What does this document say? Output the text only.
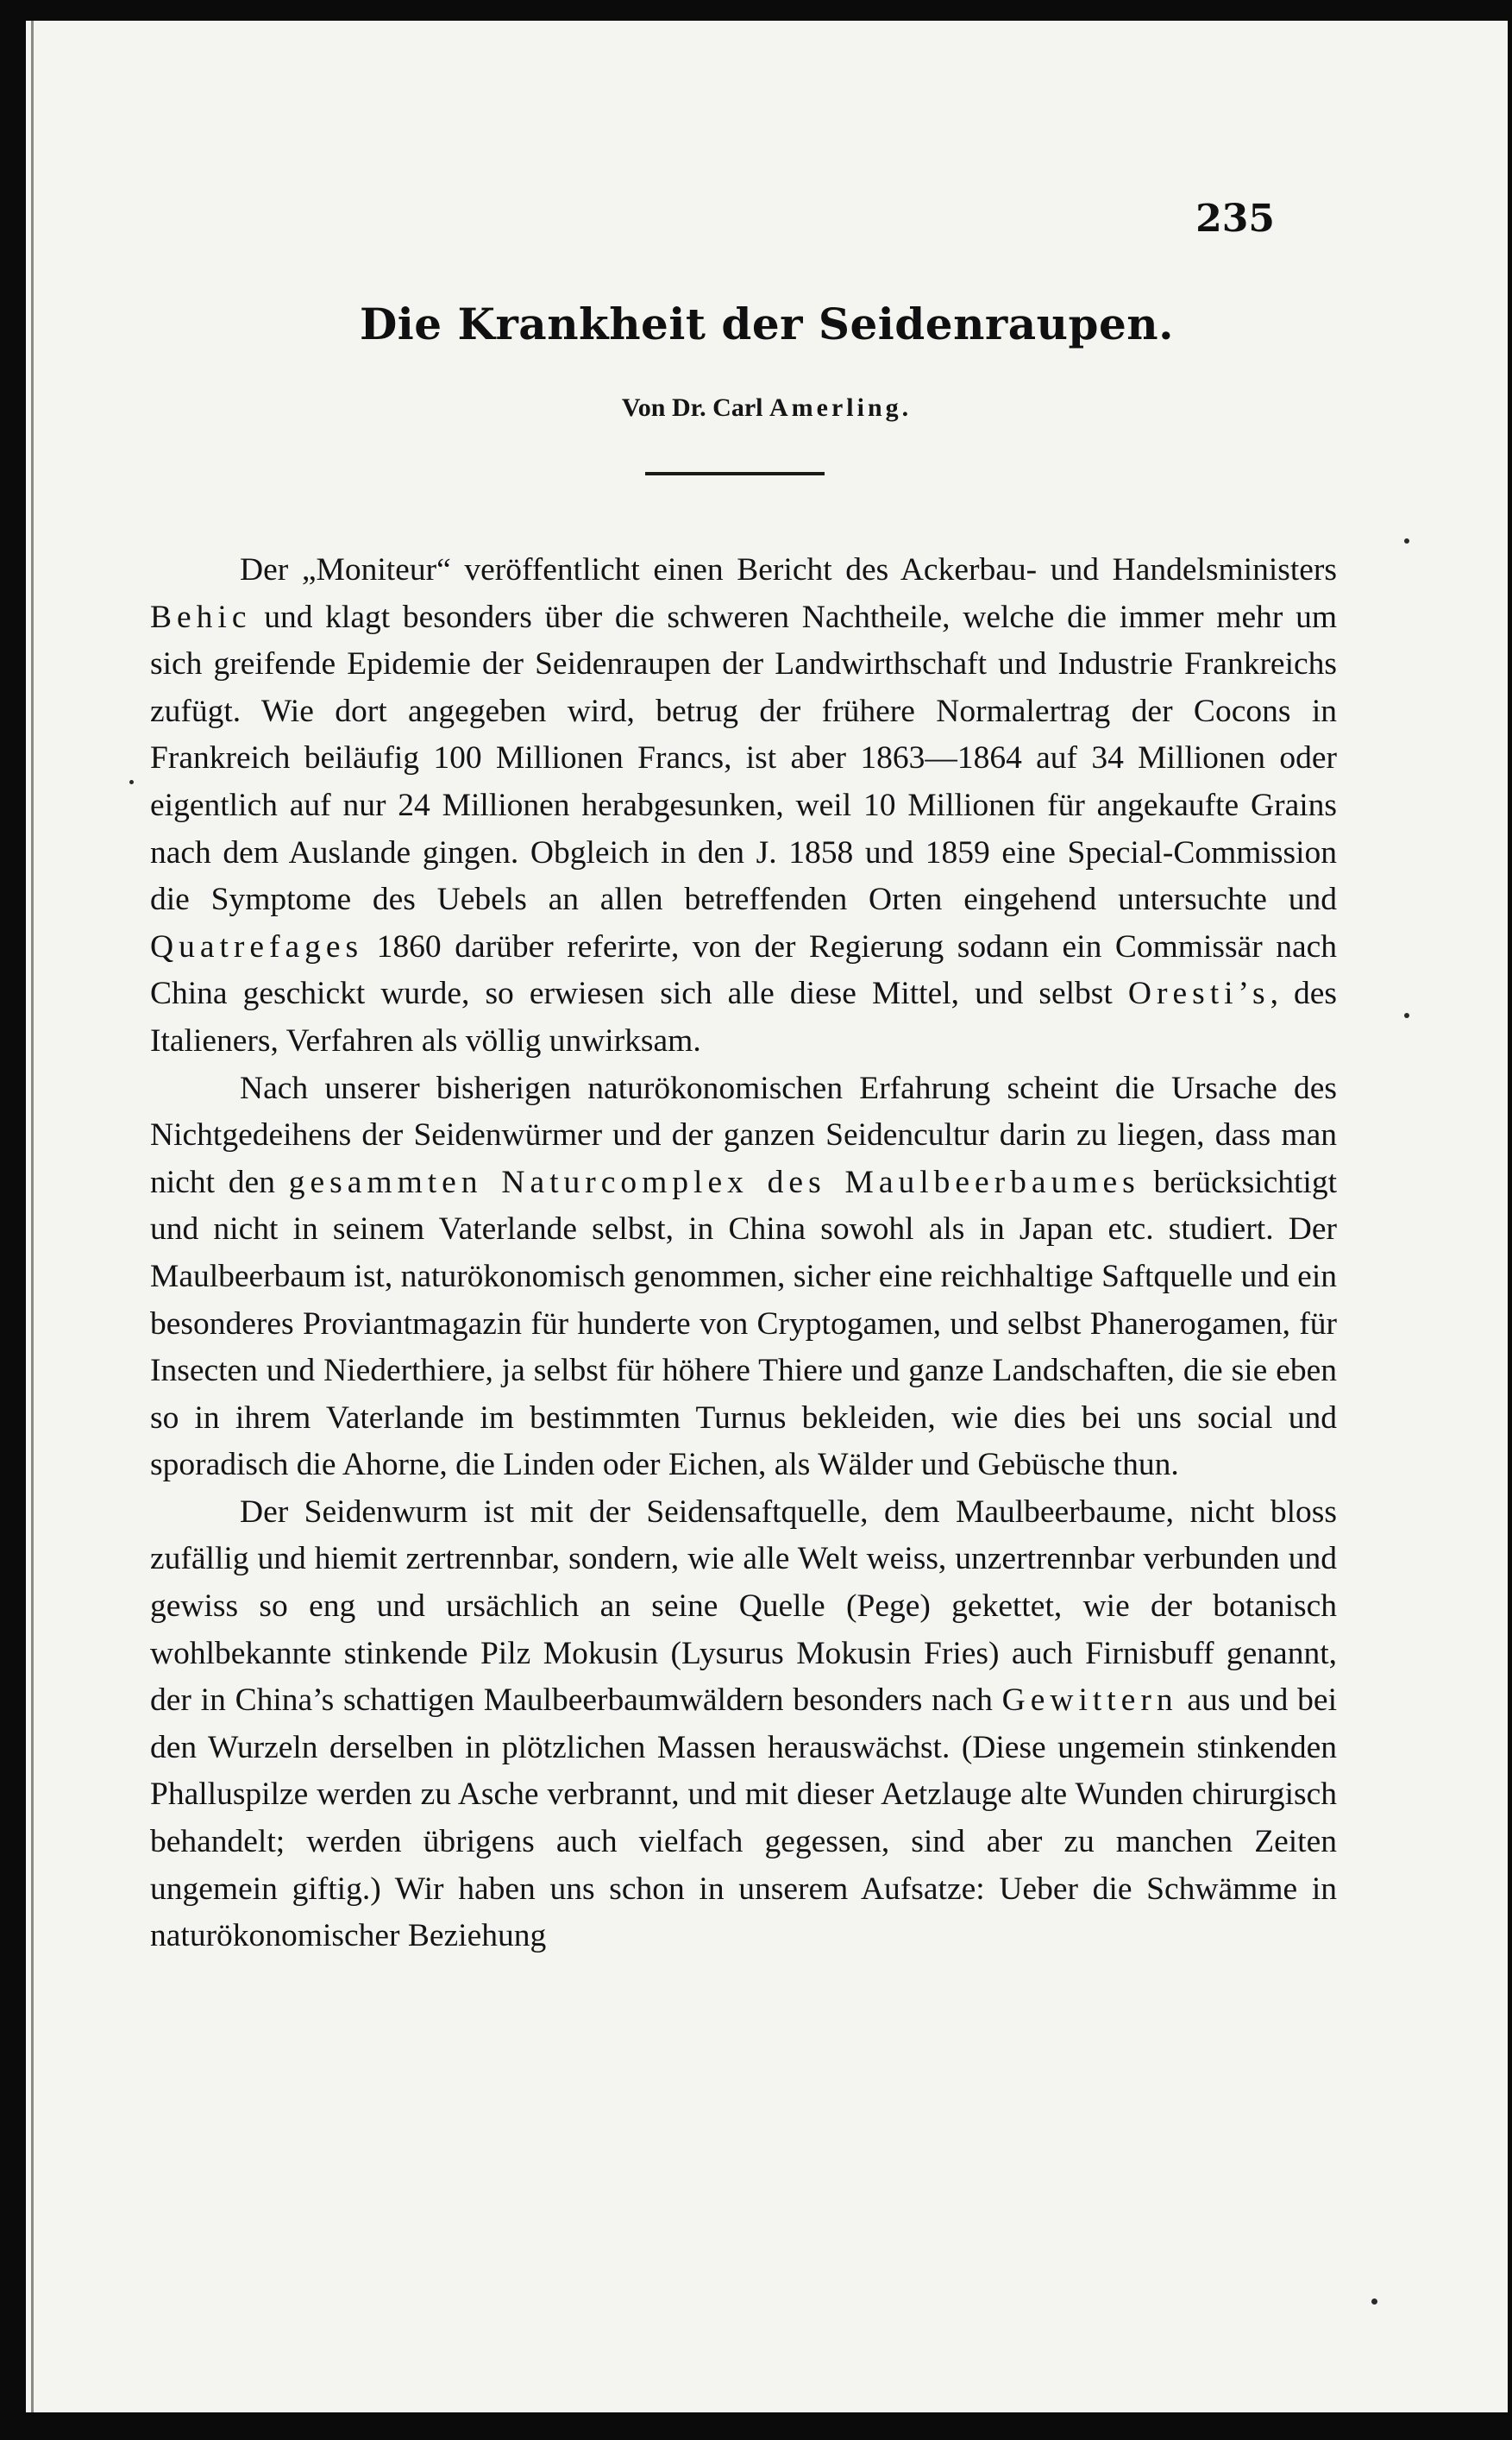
235
Die Krankheit der Seidenraupen.
Von Dr. Carl Amerling.

Der „Moniteur“ veröffentlicht einen Bericht des Ackerbau- und Handelsministers Behic und klagt besonders über die schweren Nachtheile, welche die immer mehr um sich greifende Epidemie der Seidenraupen der Landwirthschaft und Industrie Frankreichs zufügt. Wie dort angegeben wird, betrug der frühere Normalertrag der Cocons in Frankreich beiläufig 100 Millionen Francs, ist aber 1863—1864 auf 34 Millionen oder eigentlich auf nur 24 Millionen herabgesunken, weil 10 Millionen für angekaufte Grains nach dem Auslande gingen. Obgleich in den J. 1858 und 1859 eine Special-Commission die Symptome des Uebels an allen betreffenden Orten eingehend untersuchte und Quatrefages 1860 darüber referirte, von der Regierung sodann ein Commissär nach China geschickt wurde, so erwiesen sich alle diese Mittel, und selbst Oresti’s, des Italieners, Verfahren als völlig unwirksam.

Nach unserer bisherigen naturökonomischen Erfahrung scheint die Ursache des Nichtgedeihens der Seidenwürmer und der ganzen Seidencultur darin zu liegen, dass man nicht den gesammten Naturcomplex des Maulbeerbaumes berücksichtigt und nicht in seinem Vaterlande selbst, in China sowohl als in Japan etc. studiert. Der Maulbeerbaum ist, naturökonomisch genommen, sicher eine reichhaltige Saftquelle und ein besonderes Proviantmagazin für hunderte von Cryptogamen, und selbst Phanerogamen, für Insecten und Niederthiere, ja selbst für höhere Thiere und ganze Landschaften, die sie eben so in ihrem Vaterlande im bestimmten Turnus bekleiden, wie dies bei uns social und sporadisch die Ahorne, die Linden oder Eichen, als Wälder und Gebüsche thun.

Der Seidenwurm ist mit der Seidensaftquelle, dem Maulbeerbaume, nicht bloss zufällig und hiemit zertrennbar, sondern, wie alle Welt weiss, unzertrennbar verbunden und gewiss so eng und ursächlich an seine Quelle (Pege) gekettet, wie der botanisch wohlbekannte stinkende Pilz Mokusin (Lysurus Mokusin Fries) auch Firnisbuff genannt, der in China’s schattigen Maulbeerbaumwäldern besonders nach Gewittern aus und bei den Wurzeln derselben in plötzlichen Massen herauswächst. (Diese ungemein stinkenden Phalluspilze werden zu Asche verbrannt, und mit dieser Aetzlauge alte Wunden chirurgisch behandelt; werden übrigens auch vielfach gegessen, sind aber zu manchen Zeiten ungemein giftig.) Wir haben uns schon in unserem Aufsatze: Ueber die Schwämme in naturökonomischer Beziehung
